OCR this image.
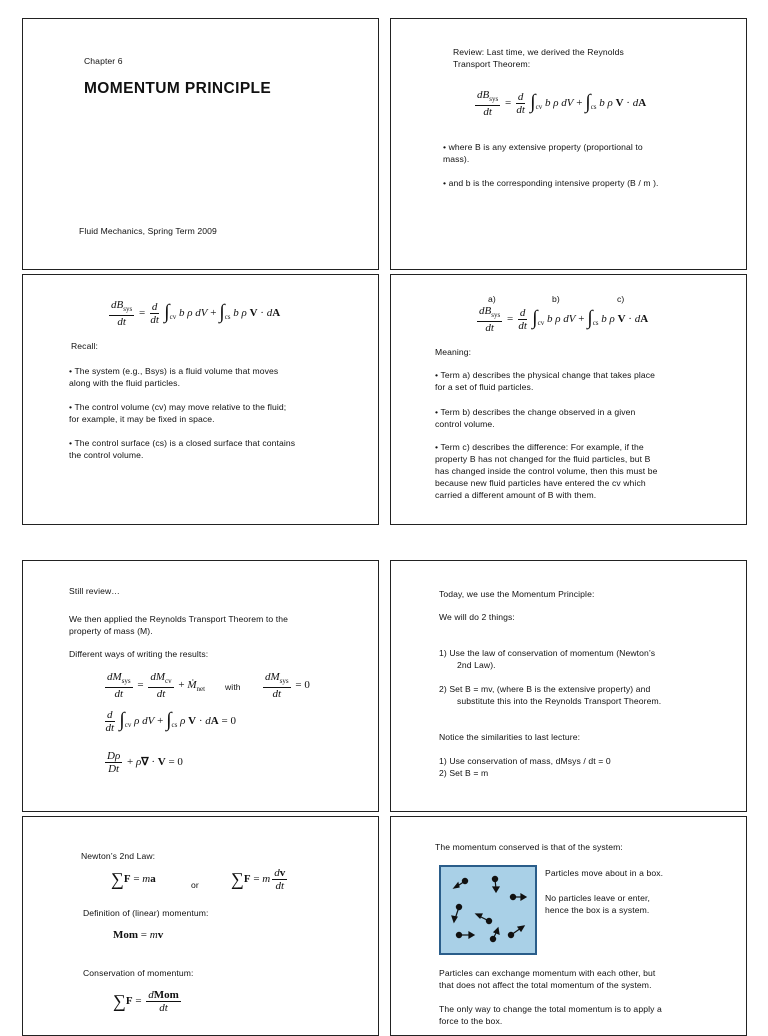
Chapter 6
MOMENTUM PRINCIPLE
Fluid Mechanics, Spring Term 2009
Review: Last time, we derived the Reynolds
Transport Theorem:
$\frac{dB_{sys}}{dt} = \frac{d}{dt} \int_{cv}$ b ρ dV + $\int_{cs}$ b ρ V · dA
• where B is any extensive property (proportional to
mass).
• and b is the corresponding intensive property (B / m ).
$\frac{dB_{sys}}{dt} = \frac{d}{dt} \int_{cv}$ b ρ dV + $\int_{cs}$ b ρ V · dA
Recall:
• The system (e.g., Bsys) is a fluid volume that moves
along with the fluid particles.
• The control volume (cv) may move relative to the fluid;
for example, it may be fixed in space.
• The control surface (cs) is a closed surface that contains
the control volume.
a)	b)	c)
$\frac{dB_{sys}}{dt} = \frac{d}{dt} \int_{cv}$ b ρ dV + $\int_{cs}$ b ρ V · dA
Meaning:
• Term a) describes the physical change that takes place
for a set of fluid particles.
• Term b) describes the change observed in a given
control volume.
• Term c) describes the difference: For example, if the
property B has not changed for the fluid particles, but B
has changed inside the control volume, then this must be
because new fluid particles have entered the cv which
carried a different amount of B with them.
Still review…
We then applied the Reynolds Transport Theorem to the
property of mass (M).
Different ways of writing the results:
$\frac{dM_{sys}}{dt} = \frac{dM_{cv}}{dt}$ + Ṁ$_{net}$ with $\frac{dM_{sys}}{dt} = 0$
$\frac{d}{dt} \int_{cv}$ ρ dV + $\int_{cs}$ ρ V · dA = 0
$\frac{D\rho}{Dt} + \rho\nabla \cdot V = 0$
Today, we use the Momentum Principle:
We will do 2 things:
1) Use the law of conservation of momentum (Newton’s
2nd Law).
2) Set B = mv, (where B is the extensive property) and
substitute this into the Reynolds Transport Theorem.
Notice the similarities to last lecture:
1) Use conservation of mass, dMsys / dt = 0
2) Set B = m
Newton’s 2nd Law:
∑F = ma	or ∑F = m $\frac{dv}{dt}$
Definition of (linear) momentum:
Mom = mv
Conservation of momentum:
$\sum F = \frac{\text{dMom}}{dt}$
The momentum conserved is that of the system:
Particles move about in a box.
No particles leave or enter,
hence the box is a system.
Particles can exchange momentum with each other, but
that does not affect the total momentum of the system.
The only way to change the total momentum is to apply a
force to the box.
